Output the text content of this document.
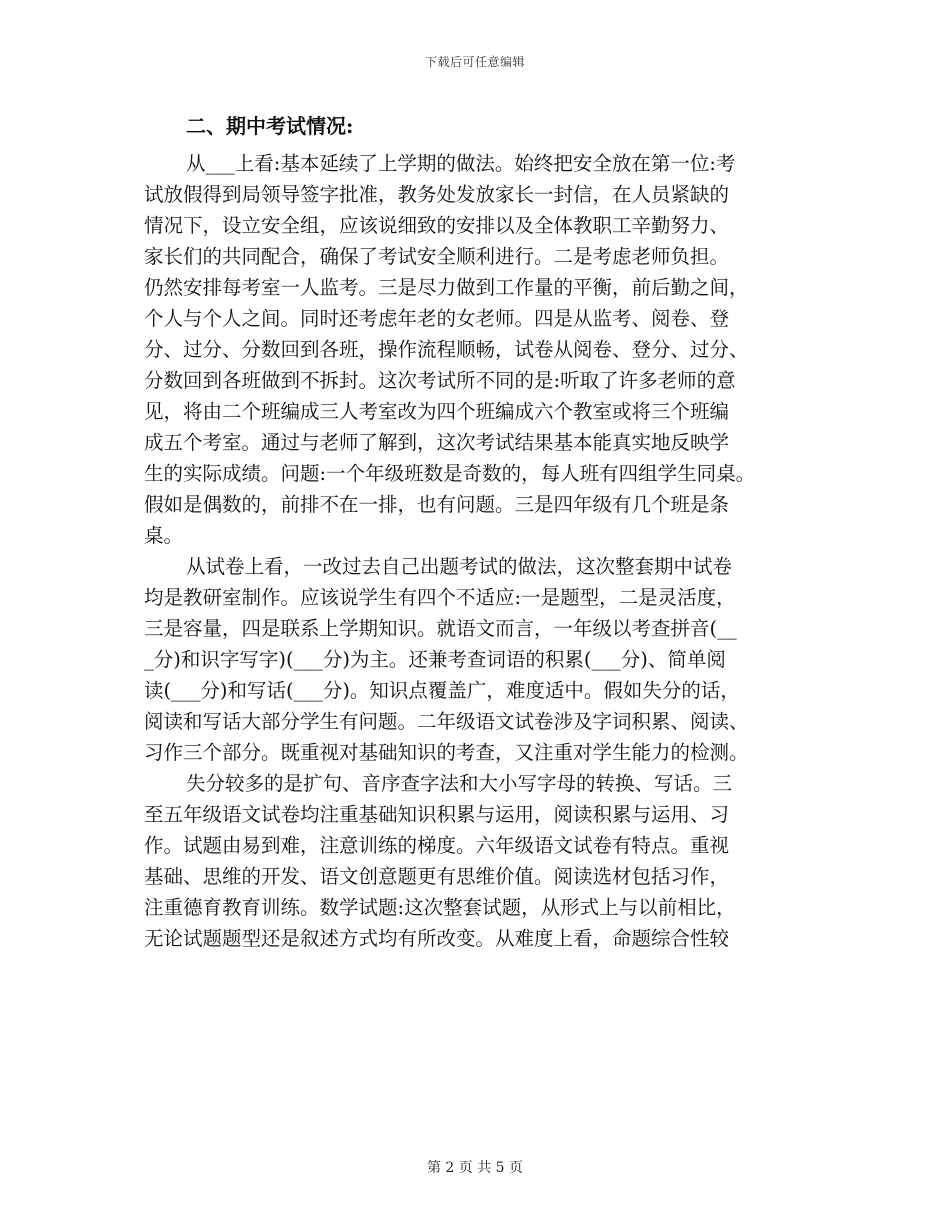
下载后可任意编辑
二、期中考试情况:
从___上看:基本延续了上学期的做法。始终把安全放在第一位:考
试放假得到局领导签字批准，教务处发放家长一封信，在人员紧缺的
情况下，设立安全组，应该说细致的安排以及全体教职工辛勤努力、
家长们的共同配合，确保了考试安全顺利进行。二是考虑老师负担。
仍然安排每考室一人监考。三是尽力做到工作量的平衡，前后勤之间，
个人与个人之间。同时还考虑年老的女老师。四是从监考、阅卷、登
分、过分、分数回到各班，操作流程顺畅，试卷从阅卷、登分、过分、
分数回到各班做到不拆封。这次考试所不同的是:听取了许多老师的意
见，将由二个班编成三人考室改为四个班编成六个教室或将三个班编
成五个考室。通过与老师了解到，这次考试结果基本能真实地反映学
生的实际成绩。问题:一个年级班数是奇数的，每人班有四组学生同桌。
假如是偶数的，前排不在一排，也有问题。三是四年级有几个班是条
桌。
从试卷上看，一改过去自己出题考试的做法，这次整套期中试卷
均是教研室制作。应该说学生有四个不适应:一是题型，二是灵活度，
三是容量，四是联系上学期知识。就语文而言，一年级以考查拼音(__
_分)和识字写字)(___分)为主。还兼考查词语的积累(___分)、简单阅
读(___分)和写话(___分)。知识点覆盖广，难度适中。假如失分的话，
阅读和写话大部分学生有问题。二年级语文试卷涉及字词积累、阅读、
习作三个部分。既重视对基础知识的考查，又注重对学生能力的检测。
失分较多的是扩句、音序查字法和大小写字母的转换、写话。三
至五年级语文试卷均注重基础知识积累与运用，阅读积累与运用、习
作。试题由易到难，注意训练的梯度。六年级语文试卷有特点。重视
基础、思维的开发、语文创意题更有思维价值。阅读选材包括习作，
注重德育教育训练。数学试题:这次整套试题，从形式上与以前相比，
无论试题题型还是叙述方式均有所改变。从难度上看，命题综合性较
第 2 页 共 5 页
